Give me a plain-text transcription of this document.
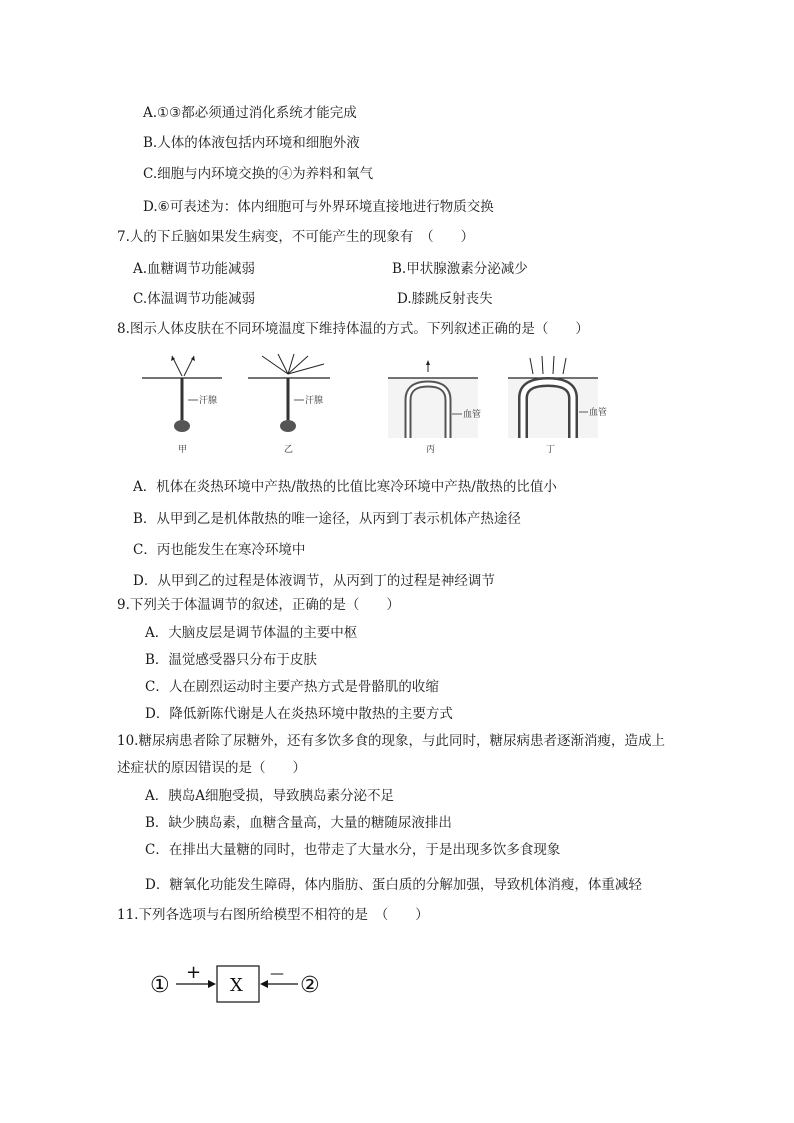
A.①③都必须通过消化系统才能完成
B.人体的体液包括内环境和细胞外液
C.细胞与内环境交换的④为养料和氧气
D.⑥可表述为：体内细胞可与外界环境直接地进行物质交换
7.人的下丘脑如果发生病变，不可能产生的现象有　（　　）
A.血糖调节功能减弱	B.甲状腺激素分泌减少
C.体温调节功能减弱	D.膝跳反射丧失
8.图示人体皮肤在不同环境温度下维持体温的方式。下列叙述正确的是（　　）
汗腺
甲
汗腺
乙
血管
丙
血管
丁
A．机体在炎热环境中产热/散热的比值比寒冷环境中产热/散热的比值小
B．从甲到乙是机体散热的唯一途径，从丙到丁表示机体产热途径
C．丙也能发生在寒冷环境中
D．从甲到乙的过程是体液调节，从丙到丁的过程是神经调节
9.下列关于体温调节的叙述，正确的是（　　）
A．大脑皮层是调节体温的主要中枢
B．温觉感受器只分布于皮肤
C．人在剧烈运动时主要产热方式是骨骼肌的收缩
D．降低新陈代谢是人在炎热环境中散热的主要方式
10.糖尿病患者除了尿糖外，还有多饮多食的现象，与此同时，糖尿病患者逐渐消瘦，造成上
述症状的原因错误的是（　　）
A．胰岛A细胞受损，导致胰岛素分泌不足
B．缺少胰岛素，血糖含量高，大量的糖随尿液排出
C．在排出大量糖的同时，也带走了大量水分，于是出现多饮多食现象
D．糖氧化功能发生障碍，体内脂肪、蛋白质的分解加强，导致机体消瘦，体重减轻
11.下列各选项与右图所给模型不相符的是　（　　）
①
+
X
— ②
